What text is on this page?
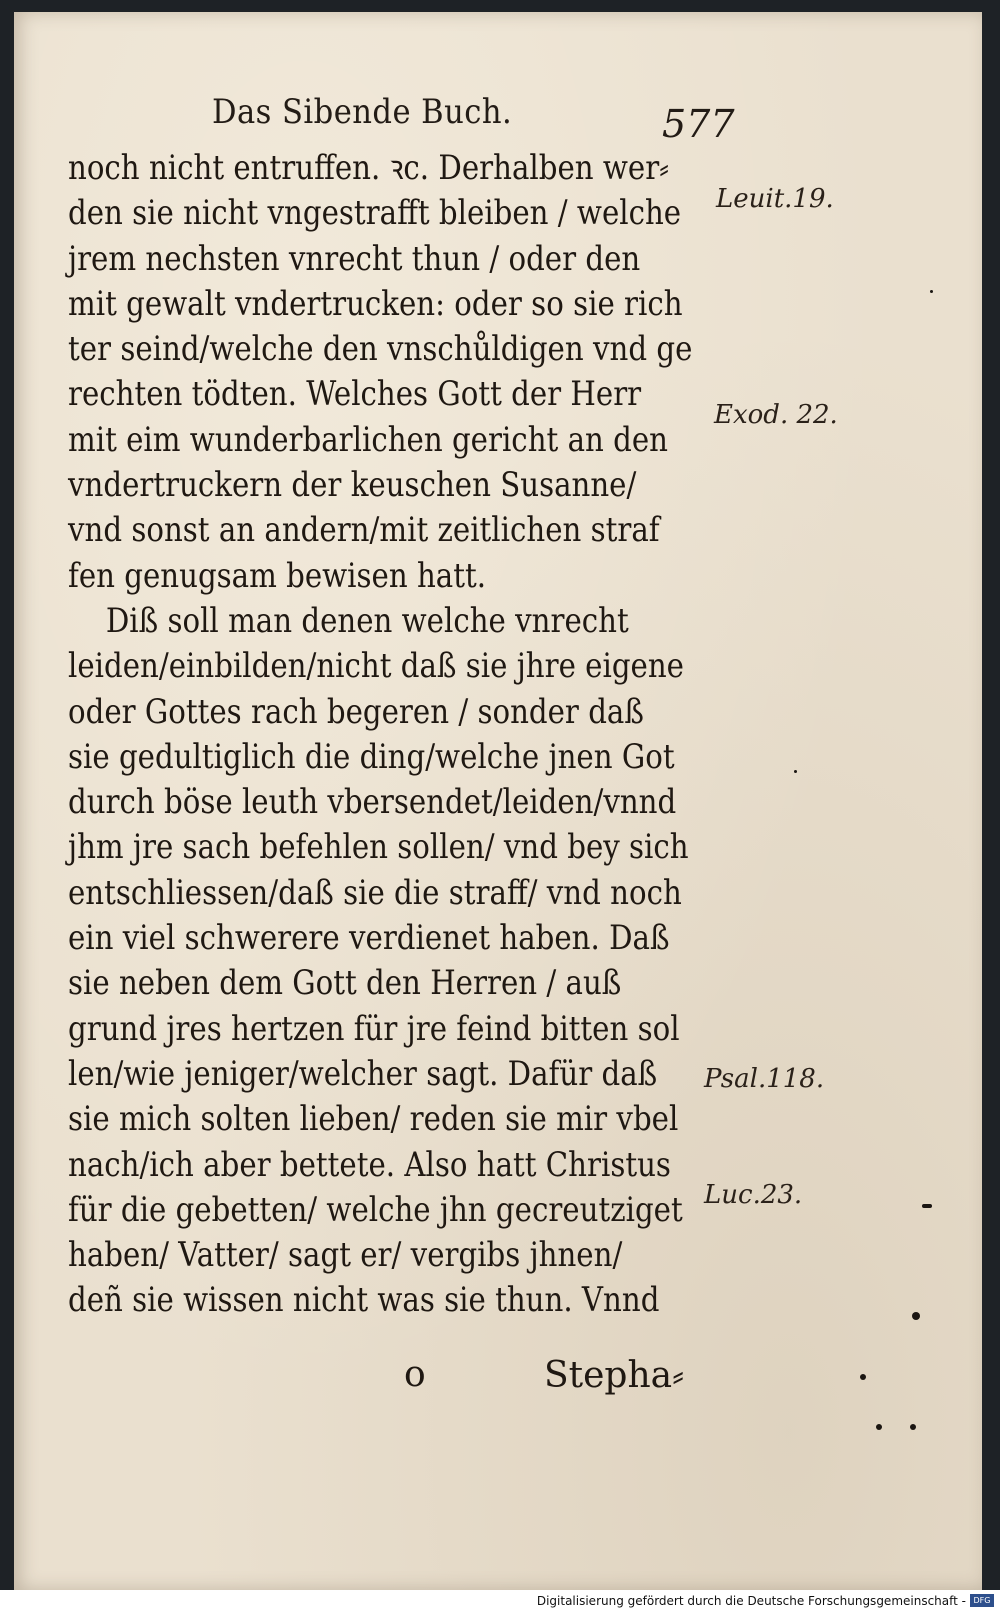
Das Sibende Buch.	577
noch nicht entruffen. ꝛc. Derhalben wer⸗
den sie nicht vngestrafft bleiben / welche
jrem nechsten vnrecht thun / oder den
mit gewalt vndertrucken: oder so sie rich
ter seind/welche den vnschůldigen vnd ge
rechten tödten. Welches Gott der Herr
mit eim wunderbarlichen gericht an den
vndertruckern der keuschen Susanne/
vnd sonst an andern/mit zeitlichen straf
fen genugsam bewisen hatt.
Diß soll man denen welche vnrecht
leiden/einbilden/nicht daß sie jhre eigene
oder Gottes rach begeren / sonder daß
sie gedultiglich die ding/welche jnen Got
durch böse leuth vbersendet/leiden/vnnd
jhm jre sach befehlen sollen/ vnd bey sich
entschliessen/daß sie die straff/ vnd noch
ein viel schwerere verdienet haben. Daß
sie neben dem Gott den Herren / auß
grund jres hertzen für jre feind bitten sol
len/wie jeniger/welcher sagt. Dafür daß
sie mich solten lieben/ reden sie mir vbel
nach/ich aber bettete. Also hatt Christus
für die gebetten/ welche jhn gecreutziget
haben/ Vatter/ sagt er/ vergibs jhnen/
deñ sie wissen nicht was sie thun. Vnnd
o	Stepha⸗
Leuit.19.
Exod. 22.
Psal.118.
Luc.23.
Digitalisierung gefördert durch die Deutsche Forschungsgemeinschaft - DFG
